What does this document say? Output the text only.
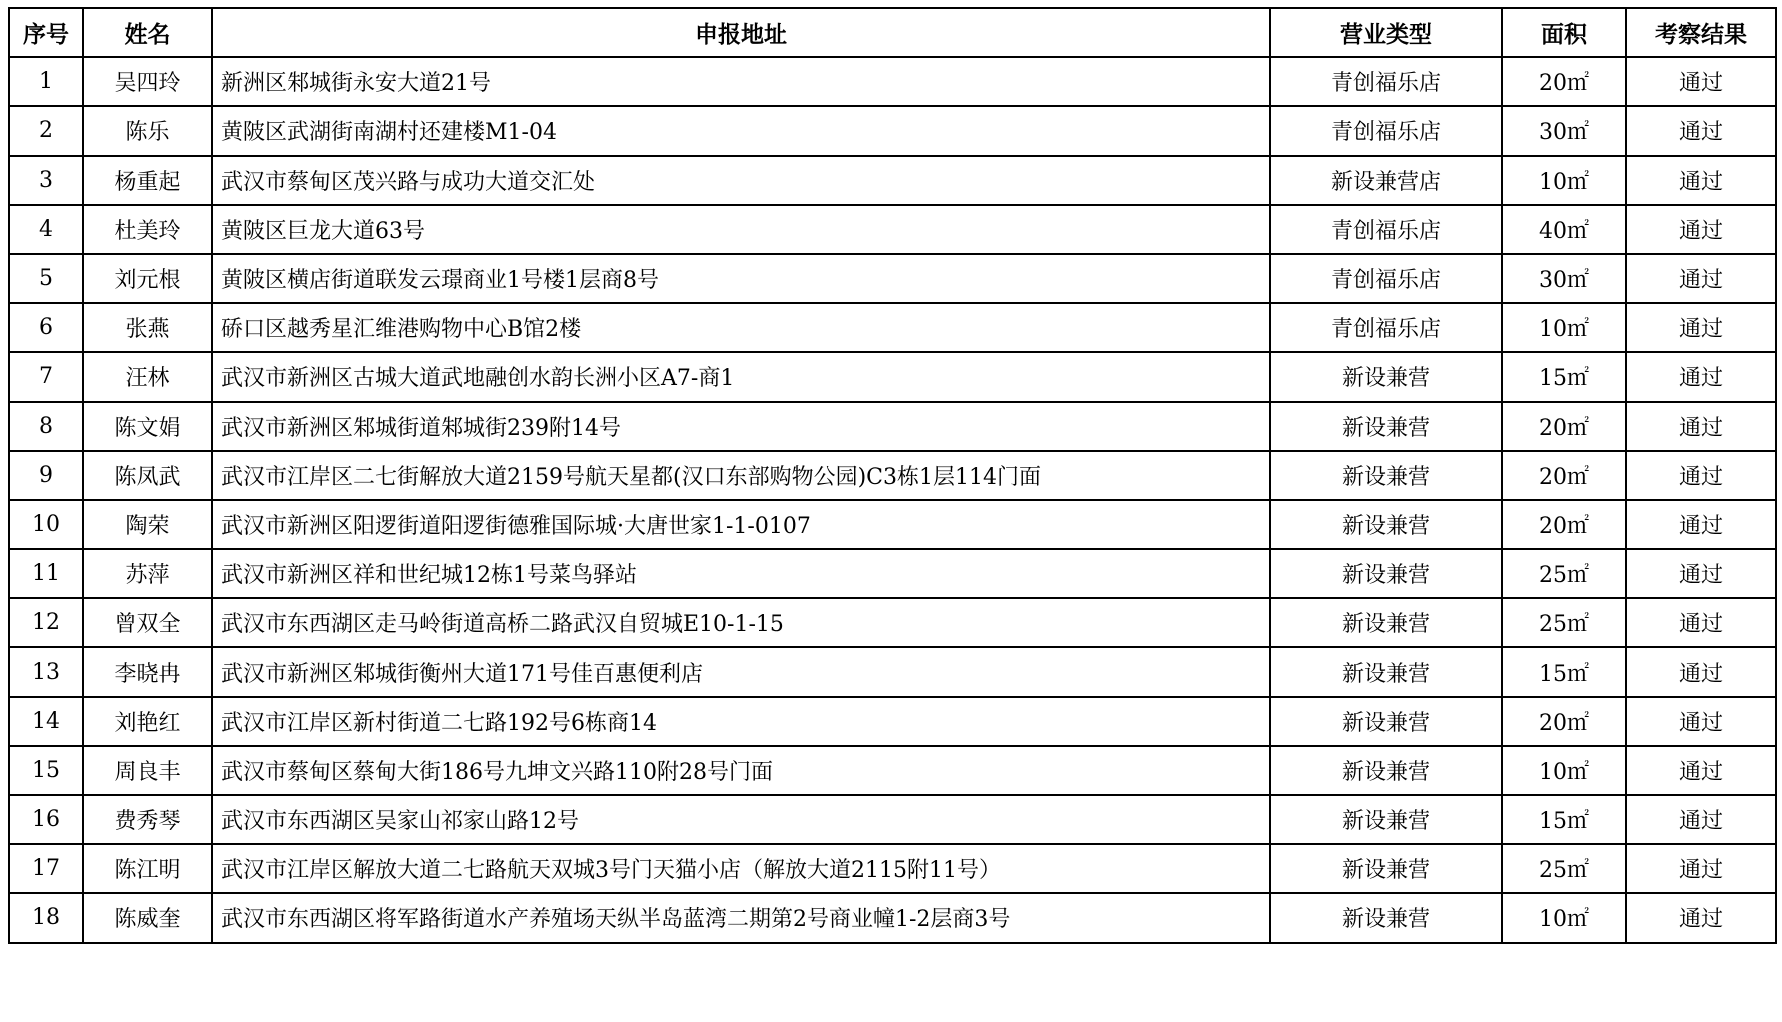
序号	姓名	申报地址	营业类型	面积	考察结果
1	吴四玲	新洲区邾城街永安大道21号	青创福乐店	20㎡	通过
2	陈乐	黄陂区武湖街南湖村还建楼M1-04	青创福乐店	30㎡	通过
3	杨重起	武汉市蔡甸区茂兴路与成功大道交汇处	新设兼营店	10㎡	通过
4	杜美玲	黄陂区巨龙大道63号	青创福乐店	40㎡	通过
5	刘元根	黄陂区横店街道联发云璟商业1号楼1层商8号	青创福乐店	30㎡	通过
6	张燕	硚口区越秀星汇维港购物中心B馆2楼	青创福乐店	10㎡	通过
7	汪林	武汉市新洲区古城大道武地融创水韵长洲小区A7-商1	新设兼营	15㎡	通过
8	陈文娟	武汉市新洲区邾城街道邾城街239附14号	新设兼营	20㎡	通过
9	陈凤武	武汉市江岸区二七街解放大道2159号航天星都(汉口东部购物公园)C3栋1层114门面	新设兼营	20㎡	通过
10	陶荣	武汉市新洲区阳逻街道阳逻街德雅国际城·大唐世家1-1-0107	新设兼营	20㎡	通过
11	苏萍	武汉市新洲区祥和世纪城12栋1号菜鸟驿站	新设兼营	25㎡	通过
12	曾双全	武汉市东西湖区走马岭街道高桥二路武汉自贸城E10-1-15	新设兼营	25㎡	通过
13	李晓冉	武汉市新洲区邾城街衡州大道171号佳百惠便利店	新设兼营	15㎡	通过
14	刘艳红	武汉市江岸区新村街道二七路192号6栋商14	新设兼营	20㎡	通过
15	周良丰	武汉市蔡甸区蔡甸大街186号九坤文兴路110附28号门面	新设兼营	10㎡	通过
16	费秀琴	武汉市东西湖区吴家山祁家山路12号	新设兼营	15㎡	通过
17	陈江明	武汉市江岸区解放大道二七路航天双城3号门天猫小店（解放大道2115附11号）	新设兼营	25㎡	通过
18	陈威奎	武汉市东西湖区将军路街道水产养殖场天纵半岛蓝湾二期第2号商业幢1-2层商3号	新设兼营	10㎡	通过
